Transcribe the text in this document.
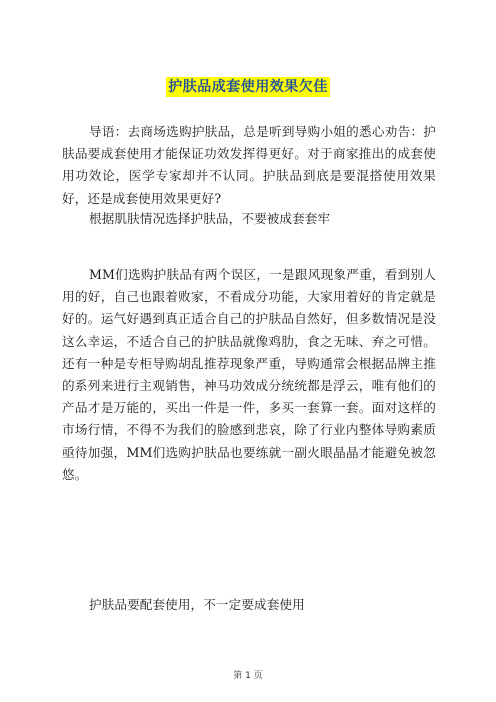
护肤品成套使用效果欠佳

导语：去商场选购护肤品，总是听到导购小姐的悉心劝告：护肤品要成套使用才能保证功效发挥得更好。对于商家推出的成套使用功效论，医学专家却并不认同。护肤品到底是要混搭使用效果好，还是成套使用效果更好?

根据肌肤情况选择护肤品，不要被成套套牢

MM们选购护肤品有两个误区，一是跟风现象严重，看到别人用的好，自己也跟着败家，不看成分功能，大家用着好的肯定就是好的。运气好遇到真正适合自己的护肤品自然好，但多数情况是没这么幸运，不适合自己的护肤品就像鸡肋，食之无味、弃之可惜。还有一种是专柜导购胡乱推荐现象严重，导购通常会根据品牌主推的系列来进行主观销售，神马功效成分统统都是浮云，唯有他们的产品才是万能的，买出一件是一件，多买一套算一套。面对这样的市场行情，不得不为我们的脸感到悲哀，除了行业内整体导购素质亟待加强，MM们选购护肤品也要练就一副火眼晶晶才能避免被忽悠。

护肤品要配套使用，不一定要成套使用

第 1 页
